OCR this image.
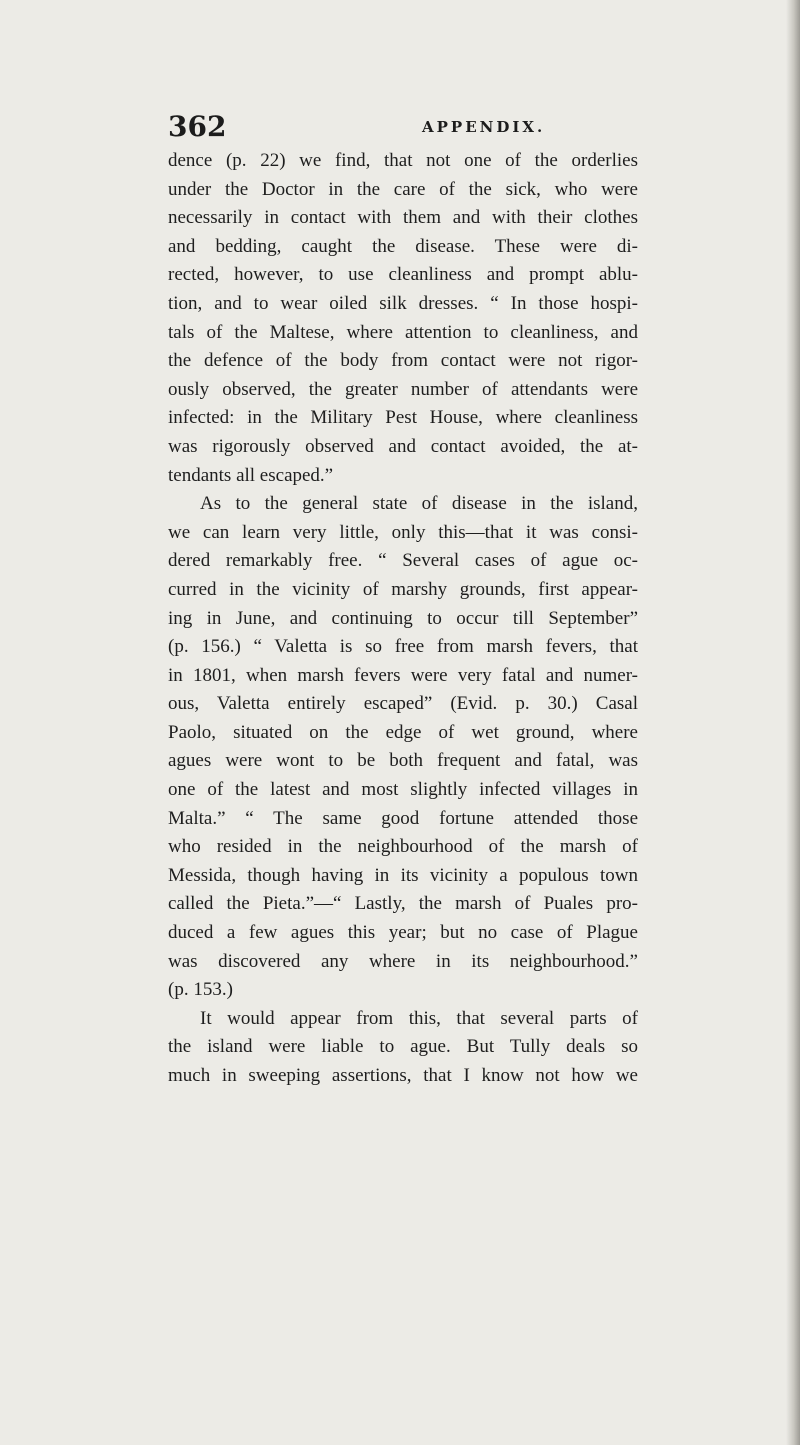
362	APPENDIX.
dence (p. 22) we find, that not one of the orderlies
under the Doctor in the care of the sick, who were
necessarily in contact with them and with their clothes
and bedding, caught the disease. These were di-
rected, however, to use cleanliness and prompt ablu-
tion, and to wear oiled silk dresses. “ In those hospi-
tals of the Maltese, where attention to cleanliness, and
the defence of the body from contact were not rigor-
ously observed, the greater number of attendants were
infected: in the Military Pest House, where cleanliness
was rigorously observed and contact avoided, the at-
tendants all escaped.”
As to the general state of disease in the island,
we can learn very little, only this—that it was consi-
dered remarkably free. “ Several cases of ague oc-
curred in the vicinity of marshy grounds, first appear-
ing in June, and continuing to occur till September”
(p. 156.) “ Valetta is so free from marsh fevers, that
in 1801, when marsh fevers were very fatal and numer-
ous, Valetta entirely escaped” (Evid. p. 30.) Casal
Paolo, situated on the edge of wet ground, where
agues were wont to be both frequent and fatal, was
one of the latest and most slightly infected villages in
Malta.” “ The same good fortune attended those
who resided in the neighbourhood of the marsh of
Messida, though having in its vicinity a populous town
called the Pieta.”—“ Lastly, the marsh of Puales pro-
duced a few agues this year; but no case of Plague
was discovered any where in its neighbourhood.”
(p. 153.)
It would appear from this, that several parts of
the island were liable to ague. But Tully deals so
much in sweeping assertions, that I know not how we
